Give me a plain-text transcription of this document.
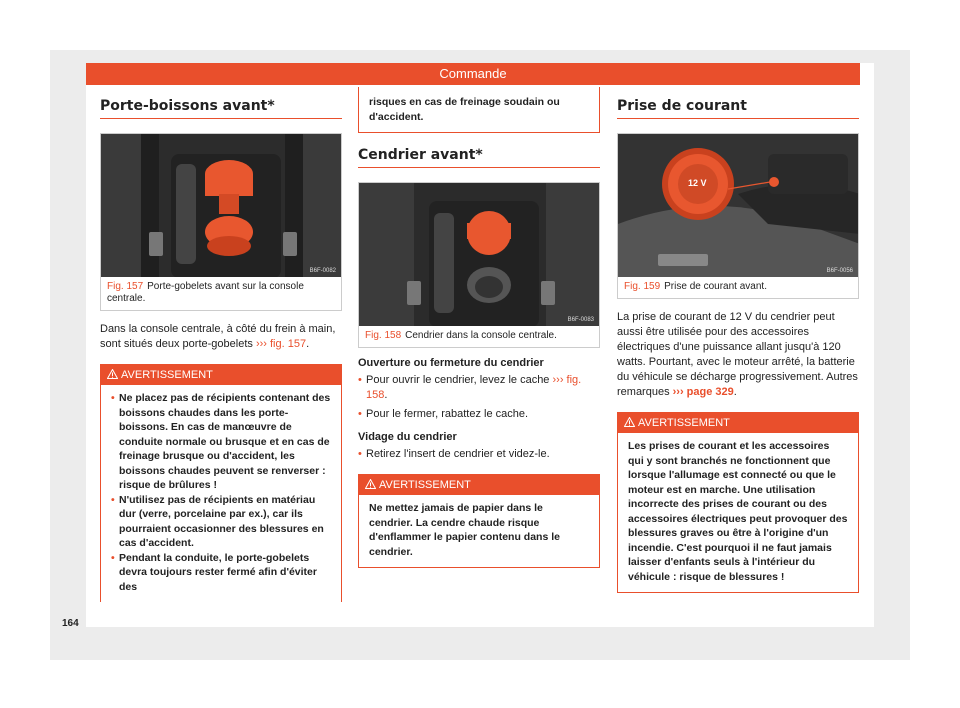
Commande
Porte-boissons avant*
B6F-0082
Fig. 157 Porte-gobelets avant sur la console centrale.

Dans la console centrale, à côté du frein à main, sont situés deux porte-gobelets ››› fig. 157.

AVERTISSEMENT
• Ne placez pas de récipients contenant des boissons chaudes dans les porte-boissons. En cas de manœuvre de conduite normale ou brusque et en cas de freinage brusque ou d'accident, les boissons chaudes peuvent se renverser : risque de brûlures !
• N'utilisez pas de récipients en matériau dur (verre, porcelaine par ex.), car ils pourraient occasionner des blessures en cas d'accident.
• Pendant la conduite, le porte-gobelets devra toujours rester fermé afin d'éviter des
risques en cas de freinage soudain ou d'accident.
Cendrier avant*
B6F-0083
Fig. 158 Cendrier dans la console centrale.
Ouverture ou fermeture du cendrier
• Pour ouvrir le cendrier, levez le cache ››› fig. 158.
• Pour le fermer, rabattez le cache.
Vidage du cendrier
• Retirez l'insert de cendrier et videz-le.
AVERTISSEMENT
Ne mettez jamais de papier dans le cendrier. La cendre chaude risque d'enflammer le papier contenu dans le cendrier.
Prise de courant
12 V
B6F-0056
Fig. 159 Prise de courant avant.

La prise de courant de 12 V du cendrier peut aussi être utilisée pour des accessoires électriques d'une puissance allant jusqu'à 120 watts. Pourtant, avec le moteur arrêté, la batterie du véhicule se décharge progressivement. Autres remarques ››› page 329.

AVERTISSEMENT
Les prises de courant et les accessoires qui y sont branchés ne fonctionnent que lorsque l'allumage est connecté ou que le moteur est en marche. Une utilisation incorrecte des prises de courant ou des accessoires électriques peut provoquer des blessures graves ou être à l'origine d'un incendie. C'est pourquoi il ne faut jamais laisser d'enfants seuls à l'intérieur du véhicule : risque de blessures !
164
